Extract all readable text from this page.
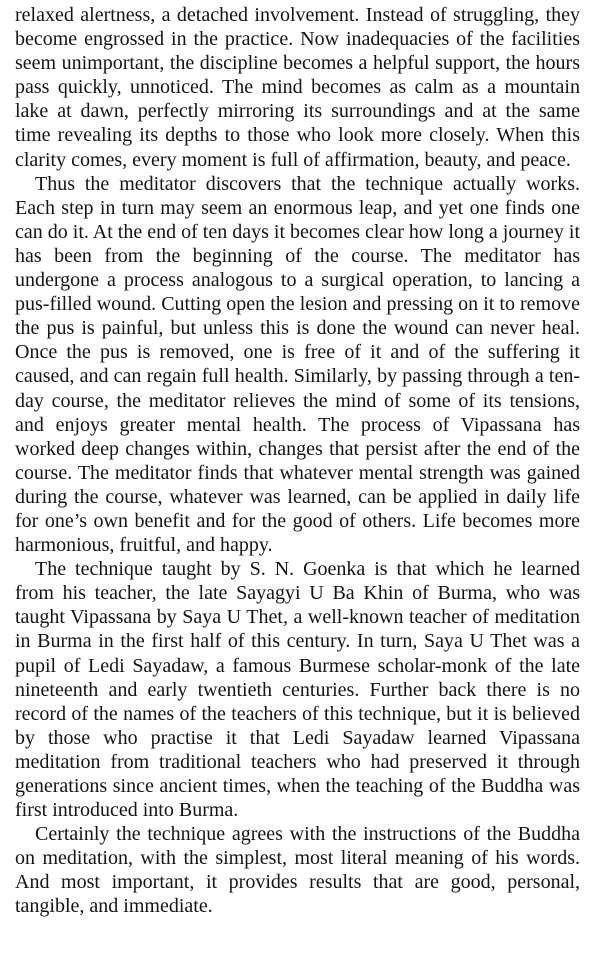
relaxed alertness, a detached involvement. Instead of struggling, they become engrossed in the practice. Now inadequacies of the facilities seem unimportant, the discipline becomes a helpful support, the hours pass quickly, unnoticed. The mind becomes as calm as a mountain lake at dawn, perfectly mirroring its surroundings and at the same time revealing its depths to those who look more closely. When this clarity comes, every moment is full of affirmation, beauty, and peace.

Thus the meditator discovers that the technique actually works. Each step in turn may seem an enormous leap, and yet one finds one can do it. At the end of ten days it becomes clear how long a journey it has been from the beginning of the course. The meditator has undergone a process analogous to a surgical operation, to lancing a pus-filled wound. Cutting open the lesion and pressing on it to remove the pus is painful, but unless this is done the wound can never heal. Once the pus is removed, one is free of it and of the suffering it caused, and can regain full health. Similarly, by passing through a ten-day course, the meditator relieves the mind of some of its tensions, and enjoys greater mental health. The process of Vipassana has worked deep changes within, changes that persist after the end of the course. The meditator finds that whatever mental strength was gained during the course, whatever was learned, can be applied in daily life for one’s own benefit and for the good of others. Life becomes more harmonious, fruitful, and happy.

The technique taught by S. N. Goenka is that which he learned from his teacher, the late Sayagyi U Ba Khin of Burma, who was taught Vipassana by Saya U Thet, a well-known teacher of meditation in Burma in the first half of this century. In turn, Saya U Thet was a pupil of Ledi Sayadaw, a famous Burmese scholar-monk of the late nineteenth and early twentieth centuries. Further back there is no record of the names of the teachers of this technique, but it is believed by those who practise it that Ledi Sayadaw learned Vipassana meditation from traditional teachers who had preserved it through generations since ancient times, when the teaching of the Buddha was first introduced into Burma.

Certainly the technique agrees with the instructions of the Buddha on meditation, with the simplest, most literal meaning of his words. And most important, it provides results that are good, personal, tangible, and immediate.
